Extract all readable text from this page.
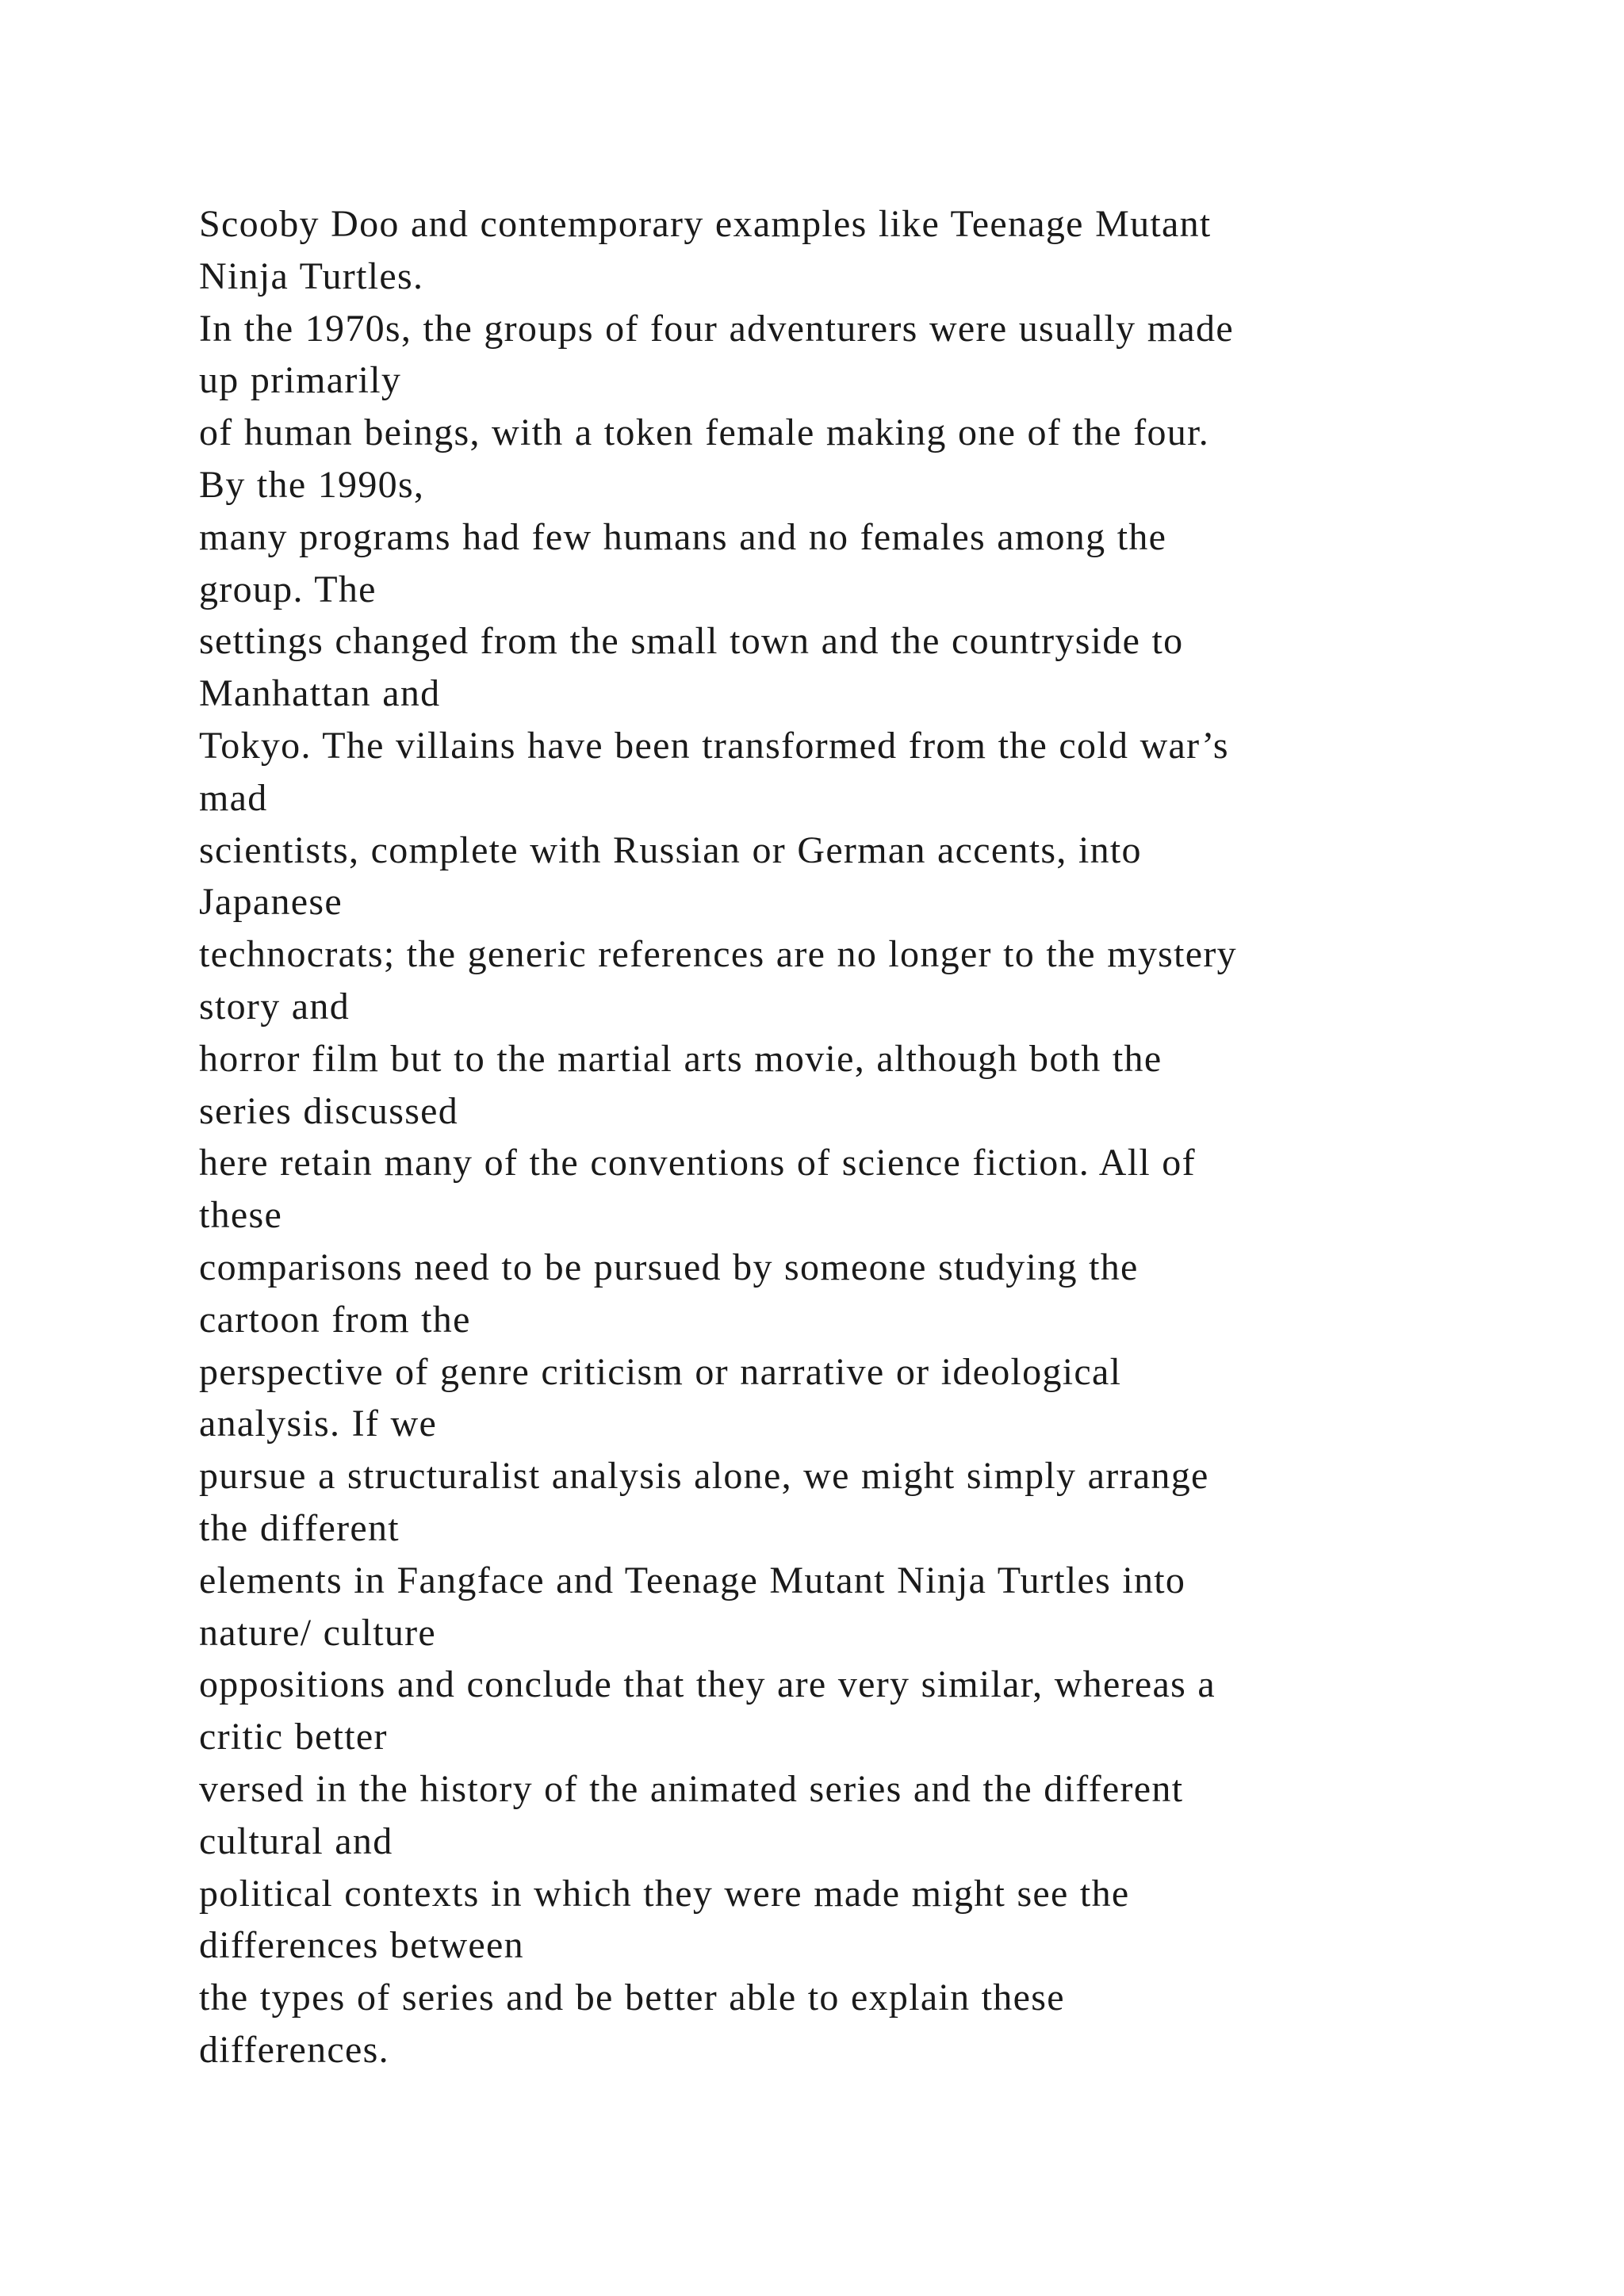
Scooby Doo and contemporary examples like Teenage Mutant
Ninja Turtles.
In the 1970s, the groups of four adventurers were usually made
up primarily
of human beings, with a token female making one of the four.
By the 1990s,
many programs had few humans and no females among the
group. The
settings changed from the small town and the countryside to
Manhattan and
Tokyo. The villains have been transformed from the cold war’s
mad
scientists, complete with Russian or German accents, into
Japanese
technocrats; the generic references are no longer to the mystery
story and
horror film but to the martial arts movie, although both the
series discussed
here retain many of the conventions of science fiction. All of
these
comparisons need to be pursued by someone studying the
cartoon from the
perspective of genre criticism or narrative or ideological
analysis. If we
pursue a structuralist analysis alone, we might simply arrange
the different
elements in Fangface and Teenage Mutant Ninja Turtles into
nature/ culture
oppositions and conclude that they are very similar, whereas a
critic better
versed in the history of the animated series and the different
cultural and
political contexts in which they were made might see the
differences between
the types of series and be better able to explain these
differences.
